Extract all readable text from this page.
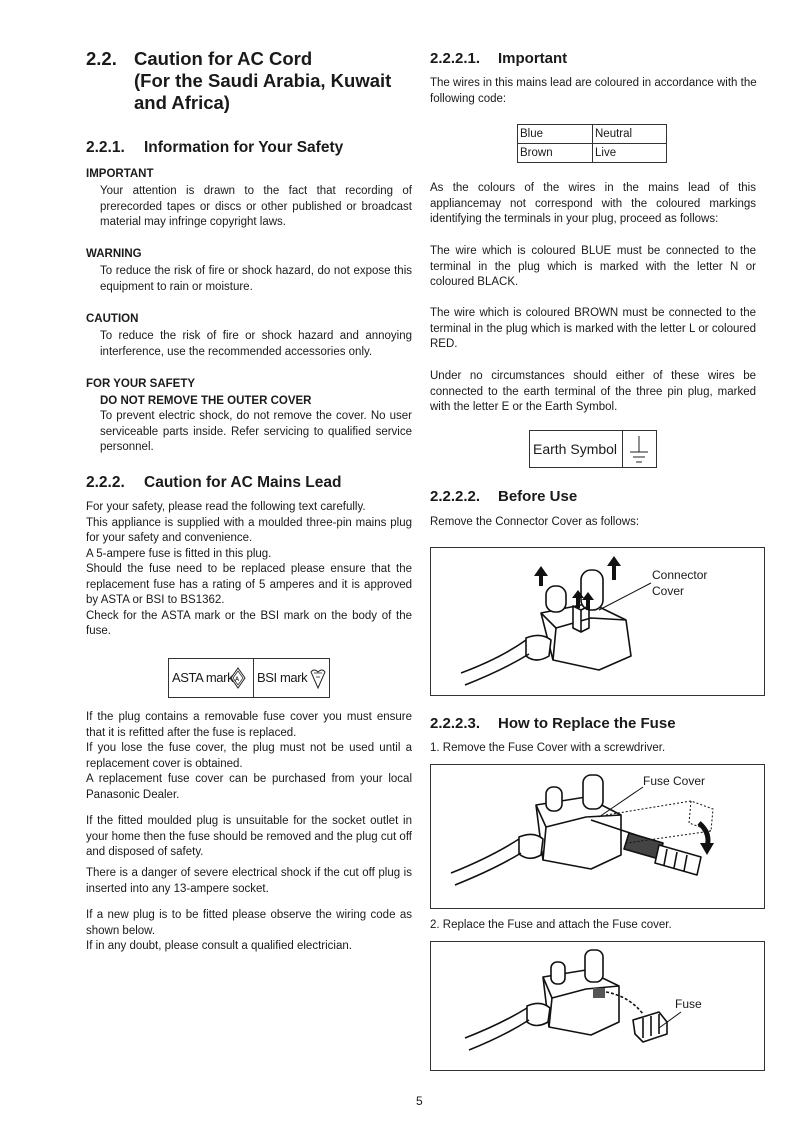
2.2. Caution for AC Cord
(For the Saudi Arabia, Kuwait
and Africa)
2.2.1. Information for Your Safety
IMPORTANT
Your attention is drawn to the fact that recording of prerecorded tapes or discs or other published or broadcast material may infringe copyright laws.
WARNING
To reduce the risk of fire or shock hazard, do not expose this equipment to rain or moisture.
CAUTION
To reduce the risk of fire or shock hazard and annoying interference, use the recommended accessories only.
FOR YOUR SAFETY
DO NOT REMOVE THE OUTER COVER
To prevent electric shock, do not remove the cover. No user serviceable parts inside. Refer servicing to qualified service personnel.
2.2.2. Caution for AC Mains Lead
For your safety, please read the following text carefully.
This appliance is supplied with a moulded three-pin mains plug for your safety and convenience.
A 5-ampere fuse is fitted in this plug.
Should the fuse need to be replaced please ensure that the replacement fuse has a rating of 5 amperes and it is approved by ASTA or BSI to BS1362.
Check for the ASTA mark or the BSI mark on the body of the fuse.
ASTA mark A BSI mark
If the plug contains a removable fuse cover you must ensure that it is refitted after the fuse is replaced.
If you lose the fuse cover, the plug must not be used until a replacement cover is obtained.
A replacement fuse cover can be purchased from your local Panasonic Dealer.
If the fitted moulded plug is unsuitable for the socket outlet in your home then the fuse should be removed and the plug cut off and disposed of safety.
There is a danger of severe electrical shock if the cut off plug is inserted into any 13-ampere socket.
If a new plug is to be fitted please observe the wiring code as shown below.
If in any doubt, please consult a qualified electrician.
2.2.2.1. Important
The wires in this mains lead are coloured in accordance with the following code:
Blue	Neutral
Brown	Live
As the colours of the wires in the mains lead of this appliancemay not correspond with the coloured markings identifying the terminals in your plug, proceed as follows:
The wire which is coloured BLUE must be connected to the terminal in the plug which is marked with the letter N or coloured BLACK.
The wire which is coloured BROWN must be connected to the terminal in the plug which is marked with the letter L or coloured RED.
Under no circumstances should either of these wires be connected to the earth terminal of the three pin plug, marked with the letter E or the Earth Symbol.
Earth Symbol
2.2.2.2. Before Use
Remove the Connector Cover as follows:
Connector
Cover
2.2.2.3. How to Replace the Fuse
1. Remove the Fuse Cover with a screwdriver.
Fuse Cover
2. Replace the Fuse and attach the Fuse cover.
Fuse
5
